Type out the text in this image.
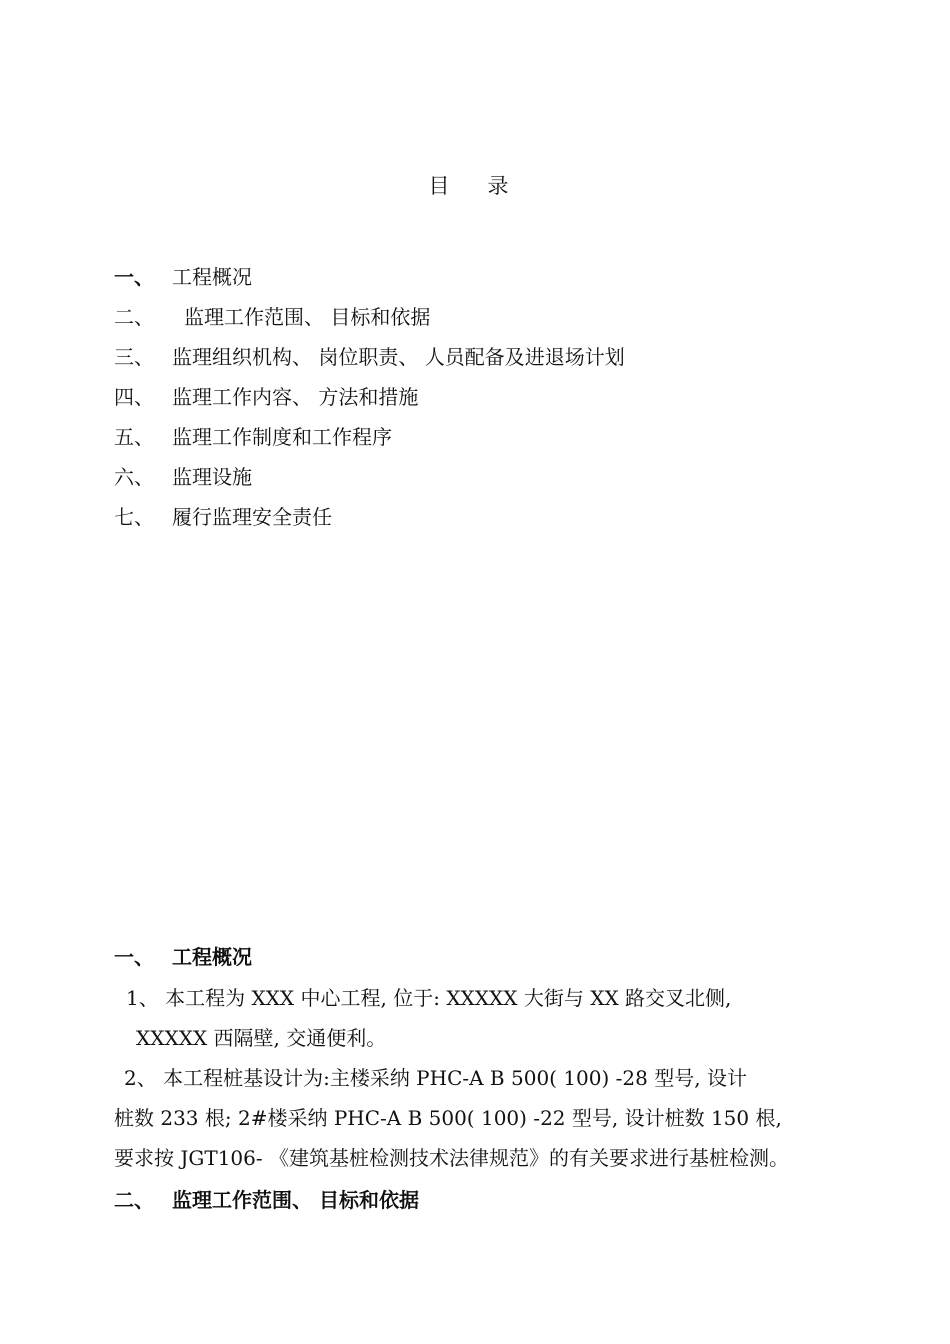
目录
一、 工程概况
二、 监理工作范围、 目标和依据
三、 监理组织机构、 岗位职责、 人员配备及进退场计划
四、 监理工作内容、 方法和措施
五、 监理工作制度和工作程序
六、 监理设施
七、 履行监理安全责任
一、 工程概况
1、 本工程为 XXX 中心工程, 位于: XXXXX 大街与 XX 路交叉北侧,
XXXXX 西隔壁, 交通便利。
2、 本工程桩基设计为:主楼采纳 PHC-A B 500( 100) -28 型号, 设计
桩数 233 根; 2#楼采纳 PHC-A B 500( 100) -22 型号, 设计桩数 150 根,
要求按 JGT106- 《建筑基桩检测技术法律规范》的有关要求进行基桩检测。
二、 监理工作范围、 目标和依据
